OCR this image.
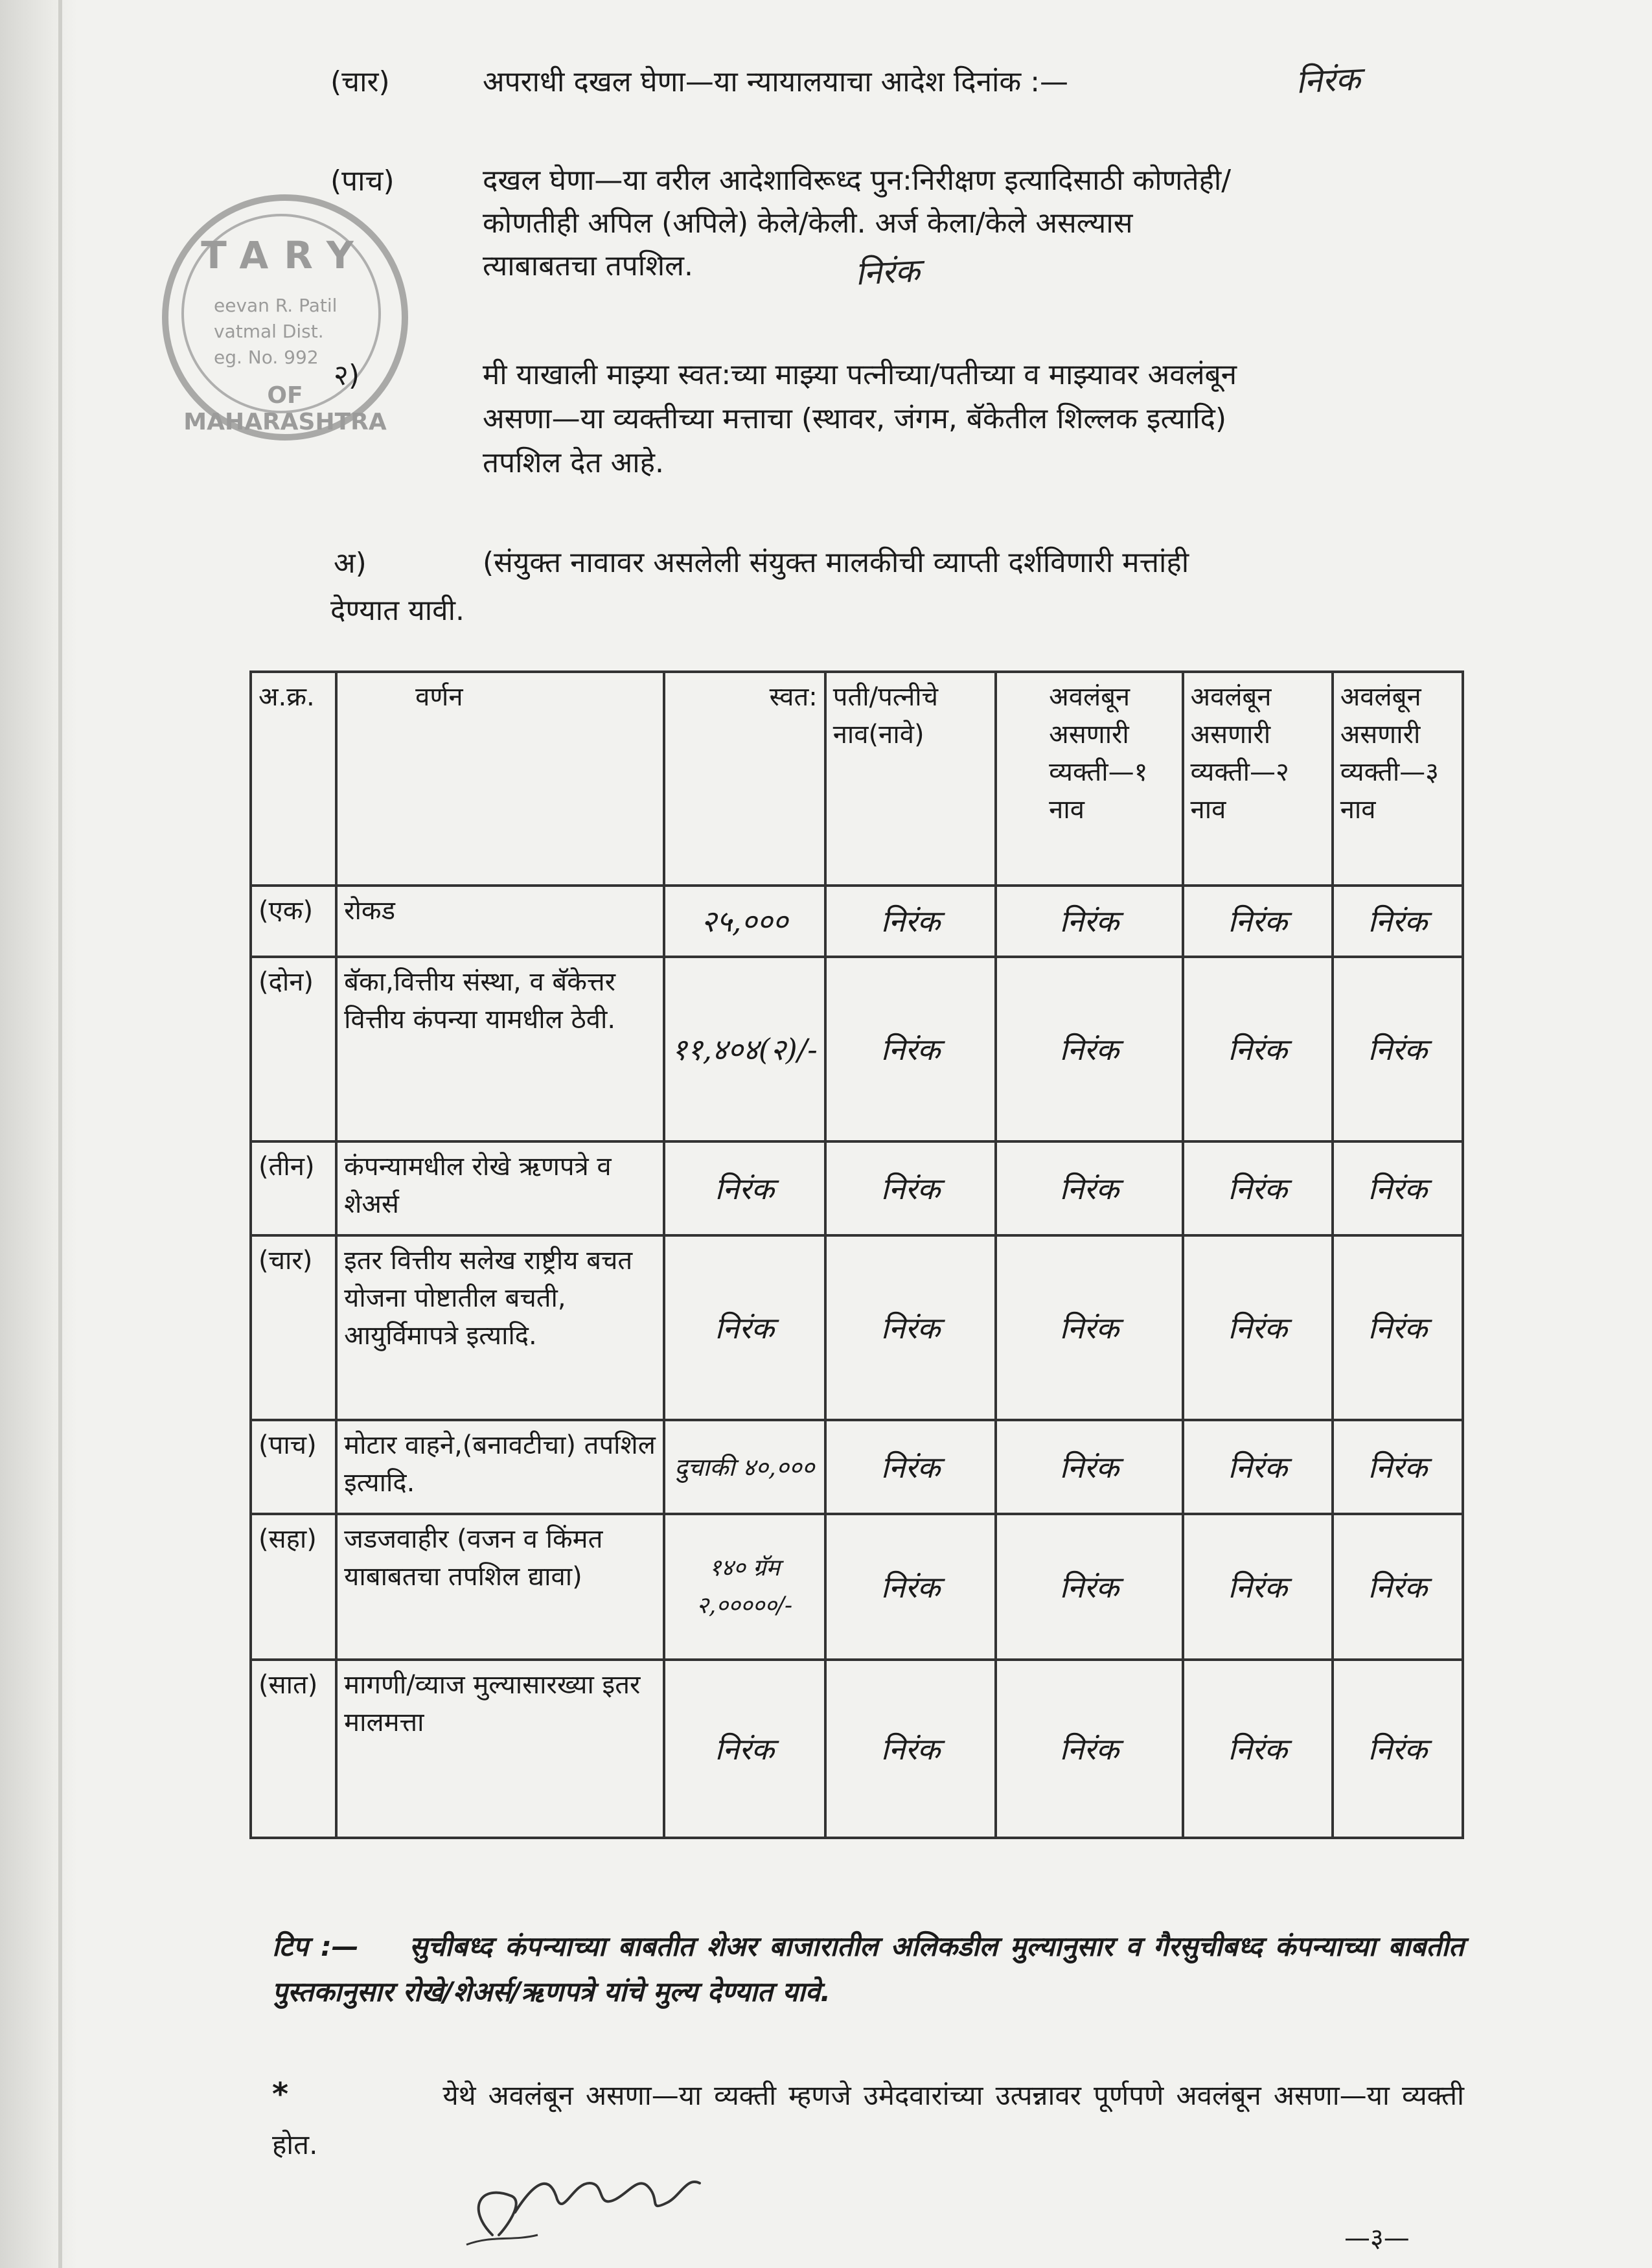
(चार)	अपराधी दखल घेणा—या न्यायालयाचा आदेश दिनांक :—	निरंक
(पाच)	दखल घेणा—या वरील आदेशाविरूध्द पुन:निरीक्षण इत्यादिसाठी कोणतेही/
कोणतीही अपिल (अपिले) केले/केली. अर्ज केला/केले असल्यास
त्याबाबतचा तपशिल.	निरंक
TARY
eevan R. Patil
vatmal Dist.
eg. No. 992
OF MAHARASHTRA
२)	मी याखाली माझ्या स्वत:च्या माझ्या पत्नीच्या/पतीच्या व माझ्यावर अवलंबून
असणा—या व्यक्तीच्या मत्ताचा (स्थावर, जंगम, बॅकेतील शिल्लक इत्यादि)
तपशिल देत आहे.
अ)	(संयुक्त नावावर असलेली संयुक्त मालकीची व्याप्ती दर्शविणारी मत्तांही
देण्यात यावी.
अ.क्र.	वर्णन	स्वत:	पती/पत्नीचे नाव(नावे)	अवलंबून असणारी व्यक्ती—१ नाव	अवलंबून असणारी व्यक्ती—२ नाव	अवलंबून असणारी व्यक्ती—३ नाव
(एक)	रोकड	२५,०००	निरंक	निरंक	निरंक	निरंक
(दोन)	बॅका,वित्तीय संस्था, व बॅकेत्तर वित्तीय कंपन्या यामधील ठेवी.	११,४०४(२)/-	निरंक	निरंक	निरंक	निरंक
(तीन)	कंपन्यामधील रोखे ऋणपत्रे व शेअर्स	निरंक	निरंक	निरंक	निरंक	निरंक
(चार)	इतर वित्तीय सलेख राष्ट्रीय बचत योजना पोष्टातील बचती, आयुर्विमापत्रे इत्यादि.	निरंक	निरंक	निरंक	निरंक	निरंक
(पाच)	मोटार वाहने,(बनावटीचा) तपशिल इत्यादि.	दुचाकी ४०,०००	निरंक	निरंक	निरंक	निरंक
(सहा)	जडजवाहीर (वजन व किंमत याबाबतचा तपशिल द्यावा)	१४० ग्रॅम २,०००००/-	निरंक	निरंक	निरंक	निरंक
(सात)	मागणी/व्याज मुल्यासारख्या इतर मालमत्ता	निरंक	निरंक	निरंक	निरंक	निरंक
टिप :— सुचीबध्द कंपन्याच्या बाबतीत शेअर बाजारातील अलिकडील मुल्यानुसार व गैरसुचीबध्द कंपन्याच्या बाबतीत पुस्तकानुसार रोखे/शेअर्स/ऋणपत्रे यांचे मुल्य देण्यात यावे.
*	येथे अवलंबून असणा—या व्यक्ती म्हणजे उमेदवारांच्या उत्पन्नावर पूर्णपणे अवलंबून असणा—या व्यक्ती होत.
—३—
